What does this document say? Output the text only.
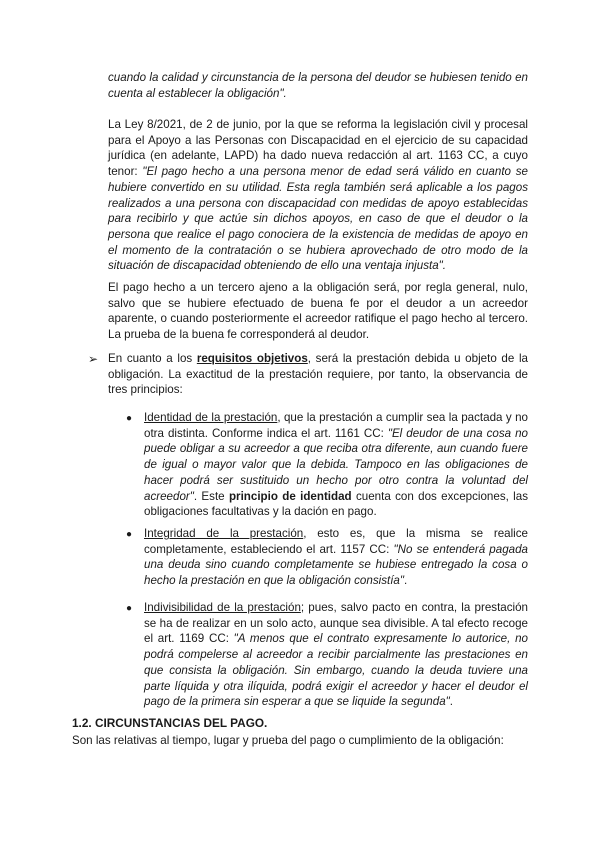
cuando la calidad y circunstancia de la persona del deudor se hubiesen tenido en cuenta al establecer la obligación".
La Ley 8/2021, de 2 de junio, por la que se reforma la legislación civil y procesal para el Apoyo a las Personas con Discapacidad en el ejercicio de su capacidad jurídica (en adelante, LAPD) ha dado nueva redacción al art. 1163 CC, a cuyo tenor: "El pago hecho a una persona menor de edad será válido en cuanto se hubiere convertido en su utilidad. Esta regla también será aplicable a los pagos realizados a una persona con discapacidad con medidas de apoyo establecidas para recibirlo y que actúe sin dichos apoyos, en caso de que el deudor o la persona que realice el pago conociera de la existencia de medidas de apoyo en el momento de la contratación o se hubiera aprovechado de otro modo de la situación de discapacidad obteniendo de ello una ventaja injusta".
El pago hecho a un tercero ajeno a la obligación será, por regla general, nulo, salvo que se hubiere efectuado de buena fe por el deudor a un acreedor aparente, o cuando posteriormente el acreedor ratifique el pago hecho al tercero. La prueba de la buena fe corresponderá al deudor.
➢ En cuanto a los requisitos objetivos, será la prestación debida u objeto de la obligación. La exactitud de la prestación requiere, por tanto, la observancia de tres principios:
● Identidad de la prestación, que la prestación a cumplir sea la pactada y no otra distinta. Conforme indica el art. 1161 CC: "El deudor de una cosa no puede obligar a su acreedor a que reciba otra diferente, aun cuando fuere de igual o mayor valor que la debida. Tampoco en las obligaciones de hacer podrá ser sustituido un hecho por otro contra la voluntad del acreedor". Este principio de identidad cuenta con dos excepciones, las obligaciones facultativas y la dación en pago.
● Integridad de la prestación, esto es, que la misma se realice completamente, estableciendo el art. 1157 CC: "No se entenderá pagada una deuda sino cuando completamente se hubiese entregado la cosa o hecho la prestación en que la obligación consistía".
● Indivisibilidad de la prestación; pues, salvo pacto en contra, la prestación se ha de realizar en un solo acto, aunque sea divisible. A tal efecto recoge el art. 1169 CC: "A menos que el contrato expresamente lo autorice, no podrá compelerse al acreedor a recibir parcialmente las prestaciones en que consista la obligación. Sin embargo, cuando la deuda tuviere una parte líquida y otra ilíquida, podrá exigir el acreedor y hacer el deudor el pago de la primera sin esperar a que se liquide la segunda".
1.2. CIRCUNSTANCIAS DEL PAGO.
Son las relativas al tiempo, lugar y prueba del pago o cumplimiento de la obligación:
